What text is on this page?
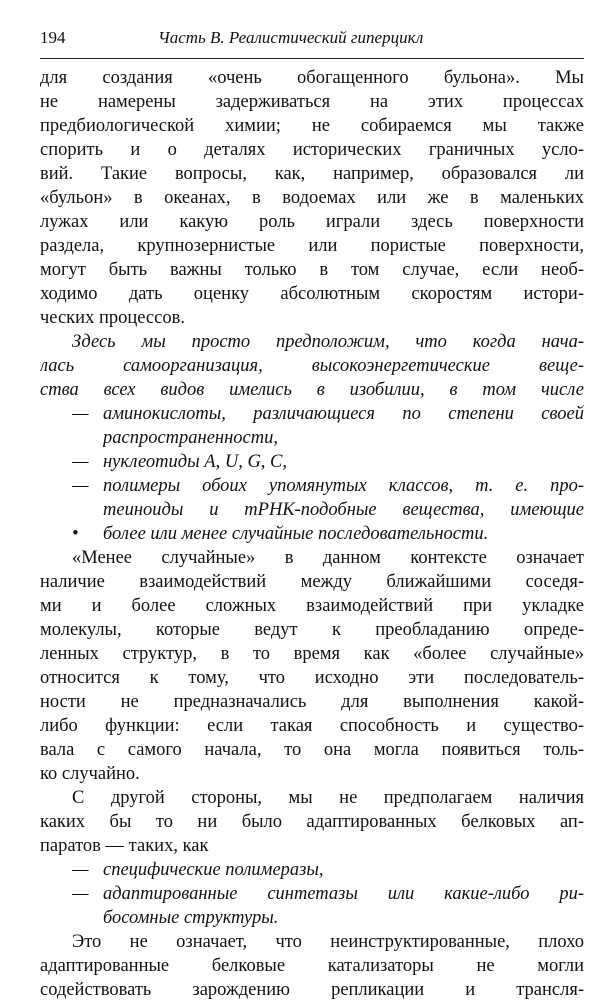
194	Часть В. Реалистический гиперцикл
для создания «очень обогащенного бульона». Мы
не намерены задерживаться на этих процессах
предбиологической химии; не собираемся мы также
спорить и о деталях исторических граничных усло-
вий. Такие вопросы, как, например, образовался ли
«бульон» в океанах, в водоемах или же в маленьких
лужах или какую роль играли здесь поверхности
раздела, крупнозернистые или пористые поверхности,
могут быть важны только в том случае, если необ-
ходимо дать оценку абсолютным скоростям истори-
ческих процессов.
Здесь мы просто предположим, что когда нача-
лась самоорганизация, высокоэнергетические веще-
ства всех видов имелись в изобилии, в том числе
— аминокислоты, различающиеся по степени своей
распространенности,
— нуклеотиды A, U, G, C,
— полимеры обоих упомянутых классов, т. е. про-
теиноиды и тРНК-подобные вещества, имеющие
• более или менее случайные последовательности.
«Менее случайные» в данном контексте означает
наличие взаимодействий между ближайшими соседя-
ми и более сложных взаимодействий при укладке
молекулы, которые ведут к преобладанию опреде-
ленных структур, в то время как «более случайные»
относится к тому, что исходно эти последователь-
ности не предназначались для выполнения какой-
либо функции: если такая способность и существо-
вала с самого начала, то она могла появиться толь-
ко случайно.
С другой стороны, мы не предполагаем наличия
каких бы то ни было адаптированных белковых ап-
паратов — таких, как
— специфические полимеразы,
— адаптированные синтетазы или какие-либо ри-
босомные структуры.
Это не означает, что неинструктированные, плохо
адаптированные белковые катализаторы не могли
содействовать зарождению репликации и трансля-
